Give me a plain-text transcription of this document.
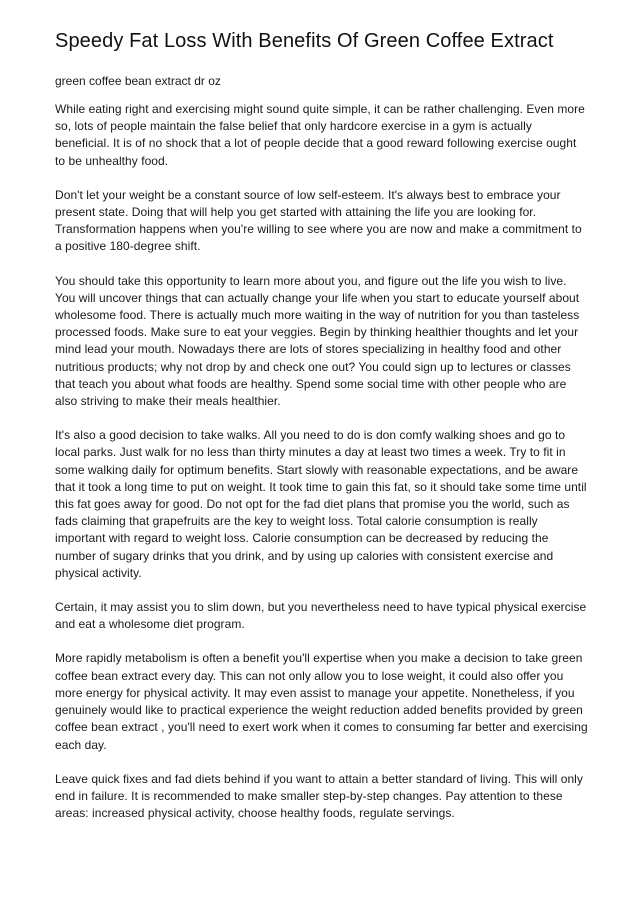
Speedy Fat Loss With Benefits Of Green Coffee Extract

green coffee bean extract dr oz

While eating right and exercising might sound quite simple, it can be rather challenging. Even more so, lots of people maintain the false belief that only hardcore exercise in a gym is actually beneficial. It is of no shock that a lot of people decide that a good reward following exercise ought to be unhealthy food.

Don't let your weight be a constant source of low self-esteem. It's always best to embrace your present state. Doing that will help you get started with attaining the life you are looking for. Transformation happens when you're willing to see where you are now and make a commitment to a positive 180-degree shift.

You should take this opportunity to learn more about you, and figure out the life you wish to live. You will uncover things that can actually change your life when you start to educate yourself about wholesome food. There is actually much more waiting in the way of nutrition for you than tasteless processed foods. Make sure to eat your veggies. Begin by thinking healthier thoughts and let your mind lead your mouth. Nowadays there are lots of stores specializing in healthy food and other nutritious products; why not drop by and check one out? You could sign up to lectures or classes that teach you about what foods are healthy. Spend some social time with other people who are also striving to make their meals healthier.

It's also a good decision to take walks. All you need to do is don comfy walking shoes and go to local parks. Just walk for no less than thirty minutes a day at least two times a week. Try to fit in some walking daily for optimum benefits. Start slowly with reasonable expectations, and be aware that it took a long time to put on weight. It took time to gain this fat, so it should take some time until this fat goes away for good. Do not opt for the fad diet plans that promise you the world, such as fads claiming that grapefruits are the key to weight loss. Total calorie consumption is really important with regard to weight loss. Calorie consumption can be decreased by reducing the number of sugary drinks that you drink, and by using up calories with consistent exercise and physical activity.

Certain, it may assist you to slim down, but you nevertheless need to have typical physical exercise and eat a wholesome diet program.

More rapidly metabolism is often a benefit you'll expertise when you make a decision to take green coffee bean extract every day. This can not only allow you to lose weight, it could also offer you more energy for physical activity. It may even assist to manage your appetite. Nonetheless, if you genuinely would like to practical experience the weight reduction added benefits provided by green coffee bean extract , you'll need to exert work when it comes to consuming far better and exercising each day.

Leave quick fixes and fad diets behind if you want to attain a better standard of living. This will only end in failure. It is recommended to make smaller step-by-step changes. Pay attention to these areas: increased physical activity, choose healthy foods, regulate servings.
